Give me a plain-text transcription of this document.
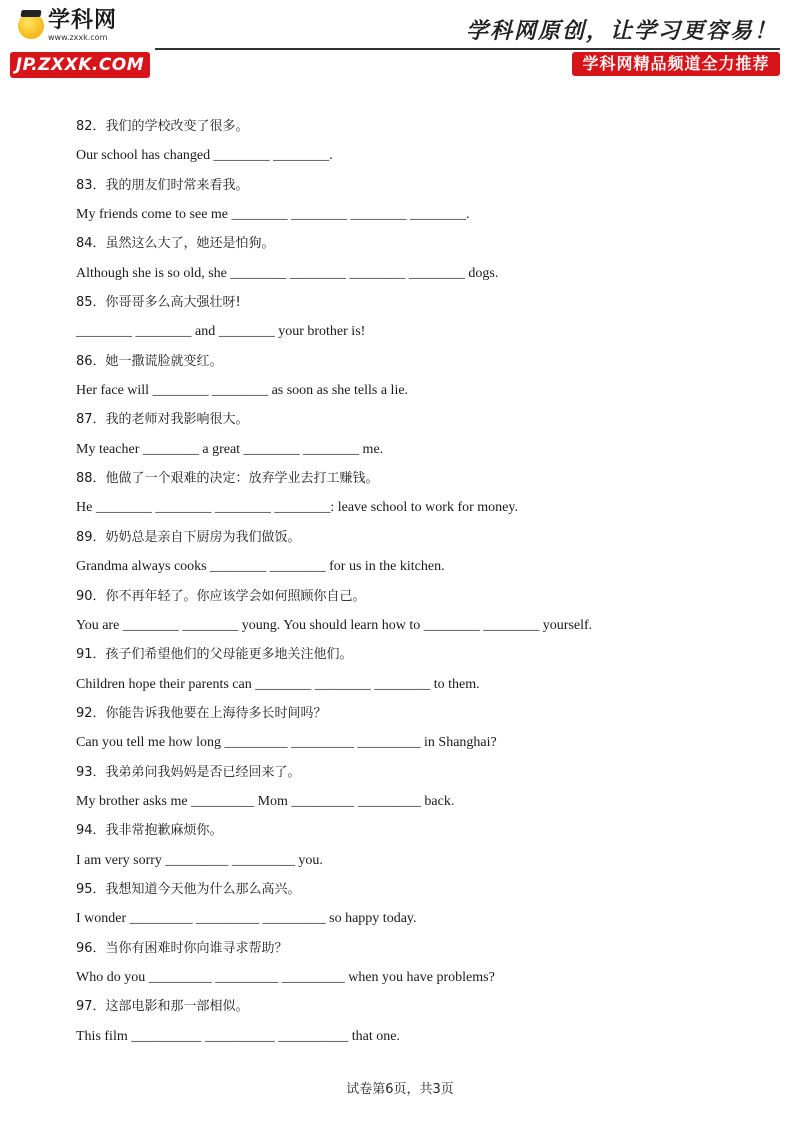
学科网
www.zxxk.com
JP.ZXXK.COM
学科网原创，让学习更容易！
学科网精品频道全力推荐
82．我们的学校改变了很多。
Our school has changed ________ ________.
83．我的朋友们时常来看我。
My friends come to see me ________ ________ ________ ________.
84．虽然这么大了，她还是怕狗。
Although she is so old, she ________ ________ ________ ________ dogs.
85．你哥哥多么高大强壮呀!
________ ________ and ________ your brother is!
86．她一撒谎脸就变红。
Her face will ________ ________ as soon as she tells a lie.
87．我的老师对我影响很大。
My teacher ________ a great ________ ________ me.
88．他做了一个艰难的决定：放弃学业去打工赚钱。
He ________ ________ ________ ________: leave school to work for money.
89．奶奶总是亲自下厨房为我们做饭。
Grandma always cooks ________ ________ for us in the kitchen.
90．你不再年轻了。你应该学会如何照顾你自己。
You are ________ ________ young. You should learn how to ________ ________ yourself.
91．孩子们希望他们的父母能更多地关注他们。
Children hope their parents can ________ ________ ________ to them.
92．你能告诉我他要在上海待多长时间吗？
Can you tell me how long _________ _________ _________ in Shanghai?
93．我弟弟问我妈妈是否已经回来了。
My brother asks me _________ Mom _________ _________ back.
94．我非常抱歉麻烦你。
I am very sorry _________ _________ you.
95．我想知道今天他为什么那么高兴。
I wonder _________ _________ _________ so happy today.
96．当你有困难时你向谁寻求帮助？
Who do you _________ _________ _________ when you have problems?
97．这部电影和那一部相似。
This film __________ __________ __________ that one.
试卷第6页，共3页
